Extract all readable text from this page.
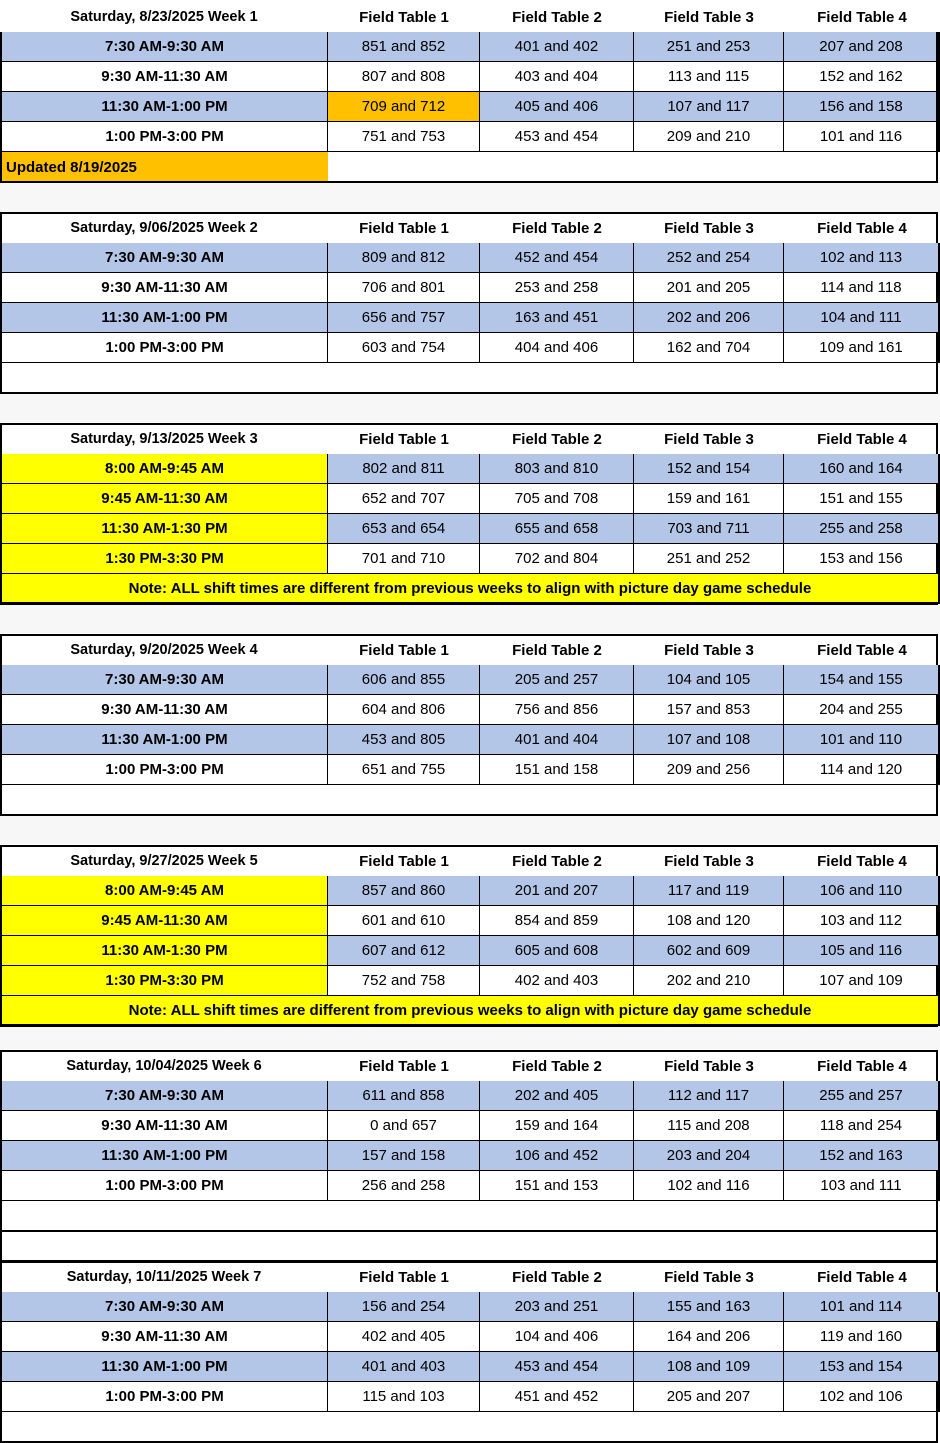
Saturday, 8/23/2025 Week 1	Field Table 1	Field Table 2	Field Table 3	Field Table 4
7:30 AM-9:30 AM	851 and 852	401 and 402	251 and 253	207 and 208
9:30 AM-11:30 AM	807 and 808	403 and 404	113 and 115	152 and 162
11:30 AM-1:00 PM	709 and 712	405 and 406	107 and 117	156 and 158
1:00 PM-3:00 PM	751 and 753	453 and 454	209 and 210	101 and 116
Updated 8/19/2025
Saturday, 9/06/2025 Week 2	Field Table 1	Field Table 2	Field Table 3	Field Table 4
7:30 AM-9:30 AM	809 and 812	452 and 454	252 and 254	102 and 113
9:30 AM-11:30 AM	706 and 801	253 and 258	201 and 205	114 and 118
11:30 AM-1:00 PM	656 and 757	163 and 451	202 and 206	104 and 111
1:00 PM-3:00 PM	603 and 754	404 and 406	162 and 704	109 and 161
Saturday, 9/13/2025 Week 3	Field Table 1	Field Table 2	Field Table 3	Field Table 4
8:00 AM-9:45 AM	802 and 811	803 and 810	152 and 154	160 and 164
9:45 AM-11:30 AM	652 and 707	705 and 708	159 and 161	151 and 155
11:30 AM-1:30 PM	653 and 654	655 and 658	703 and 711	255 and 258
1:30 PM-3:30 PM	701 and 710	702 and 804	251 and 252	153 and 156
Note: ALL shift times are different from previous weeks to align with picture day game schedule
Saturday, 9/20/2025 Week 4	Field Table 1	Field Table 2	Field Table 3	Field Table 4
7:30 AM-9:30 AM	606 and 855	205 and 257	104 and 105	154 and 155
9:30 AM-11:30 AM	604 and 806	756 and 856	157 and 853	204 and 255
11:30 AM-1:00 PM	453 and 805	401 and 404	107 and 108	101 and 110
1:00 PM-3:00 PM	651 and 755	151 and 158	209 and 256	114 and 120
Saturday, 9/27/2025 Week 5	Field Table 1	Field Table 2	Field Table 3	Field Table 4
8:00 AM-9:45 AM	857 and 860	201 and 207	117 and 119	106 and 110
9:45 AM-11:30 AM	601 and 610	854 and 859	108 and 120	103 and 112
11:30 AM-1:30 PM	607 and 612	605 and 608	602 and 609	105 and 116
1:30 PM-3:30 PM	752 and 758	402 and 403	202 and 210	107 and 109
Note: ALL shift times are different from previous weeks to align with picture day game schedule
Saturday, 10/04/2025 Week 6	Field Table 1	Field Table 2	Field Table 3	Field Table 4
7:30 AM-9:30 AM	611 and 858	202 and 405	112 and 117	255 and 257
9:30 AM-11:30 AM	0 and 657	159 and 164	115 and 208	118 and 254
11:30 AM-1:00 PM	157 and 158	106 and 452	203 and 204	152 and 163
1:00 PM-3:00 PM	256 and 258	151 and 153	102 and 116	103 and 111
Saturday, 10/11/2025 Week 7	Field Table 1	Field Table 2	Field Table 3	Field Table 4
7:30 AM-9:30 AM	156 and 254	203 and 251	155 and 163	101 and 114
9:30 AM-11:30 AM	402 and 405	104 and 406	164 and 206	119 and 160
11:30 AM-1:00 PM	401 and 403	453 and 454	108 and 109	153 and 154
1:00 PM-3:00 PM	115 and 103	451 and 452	205 and 207	102 and 106
